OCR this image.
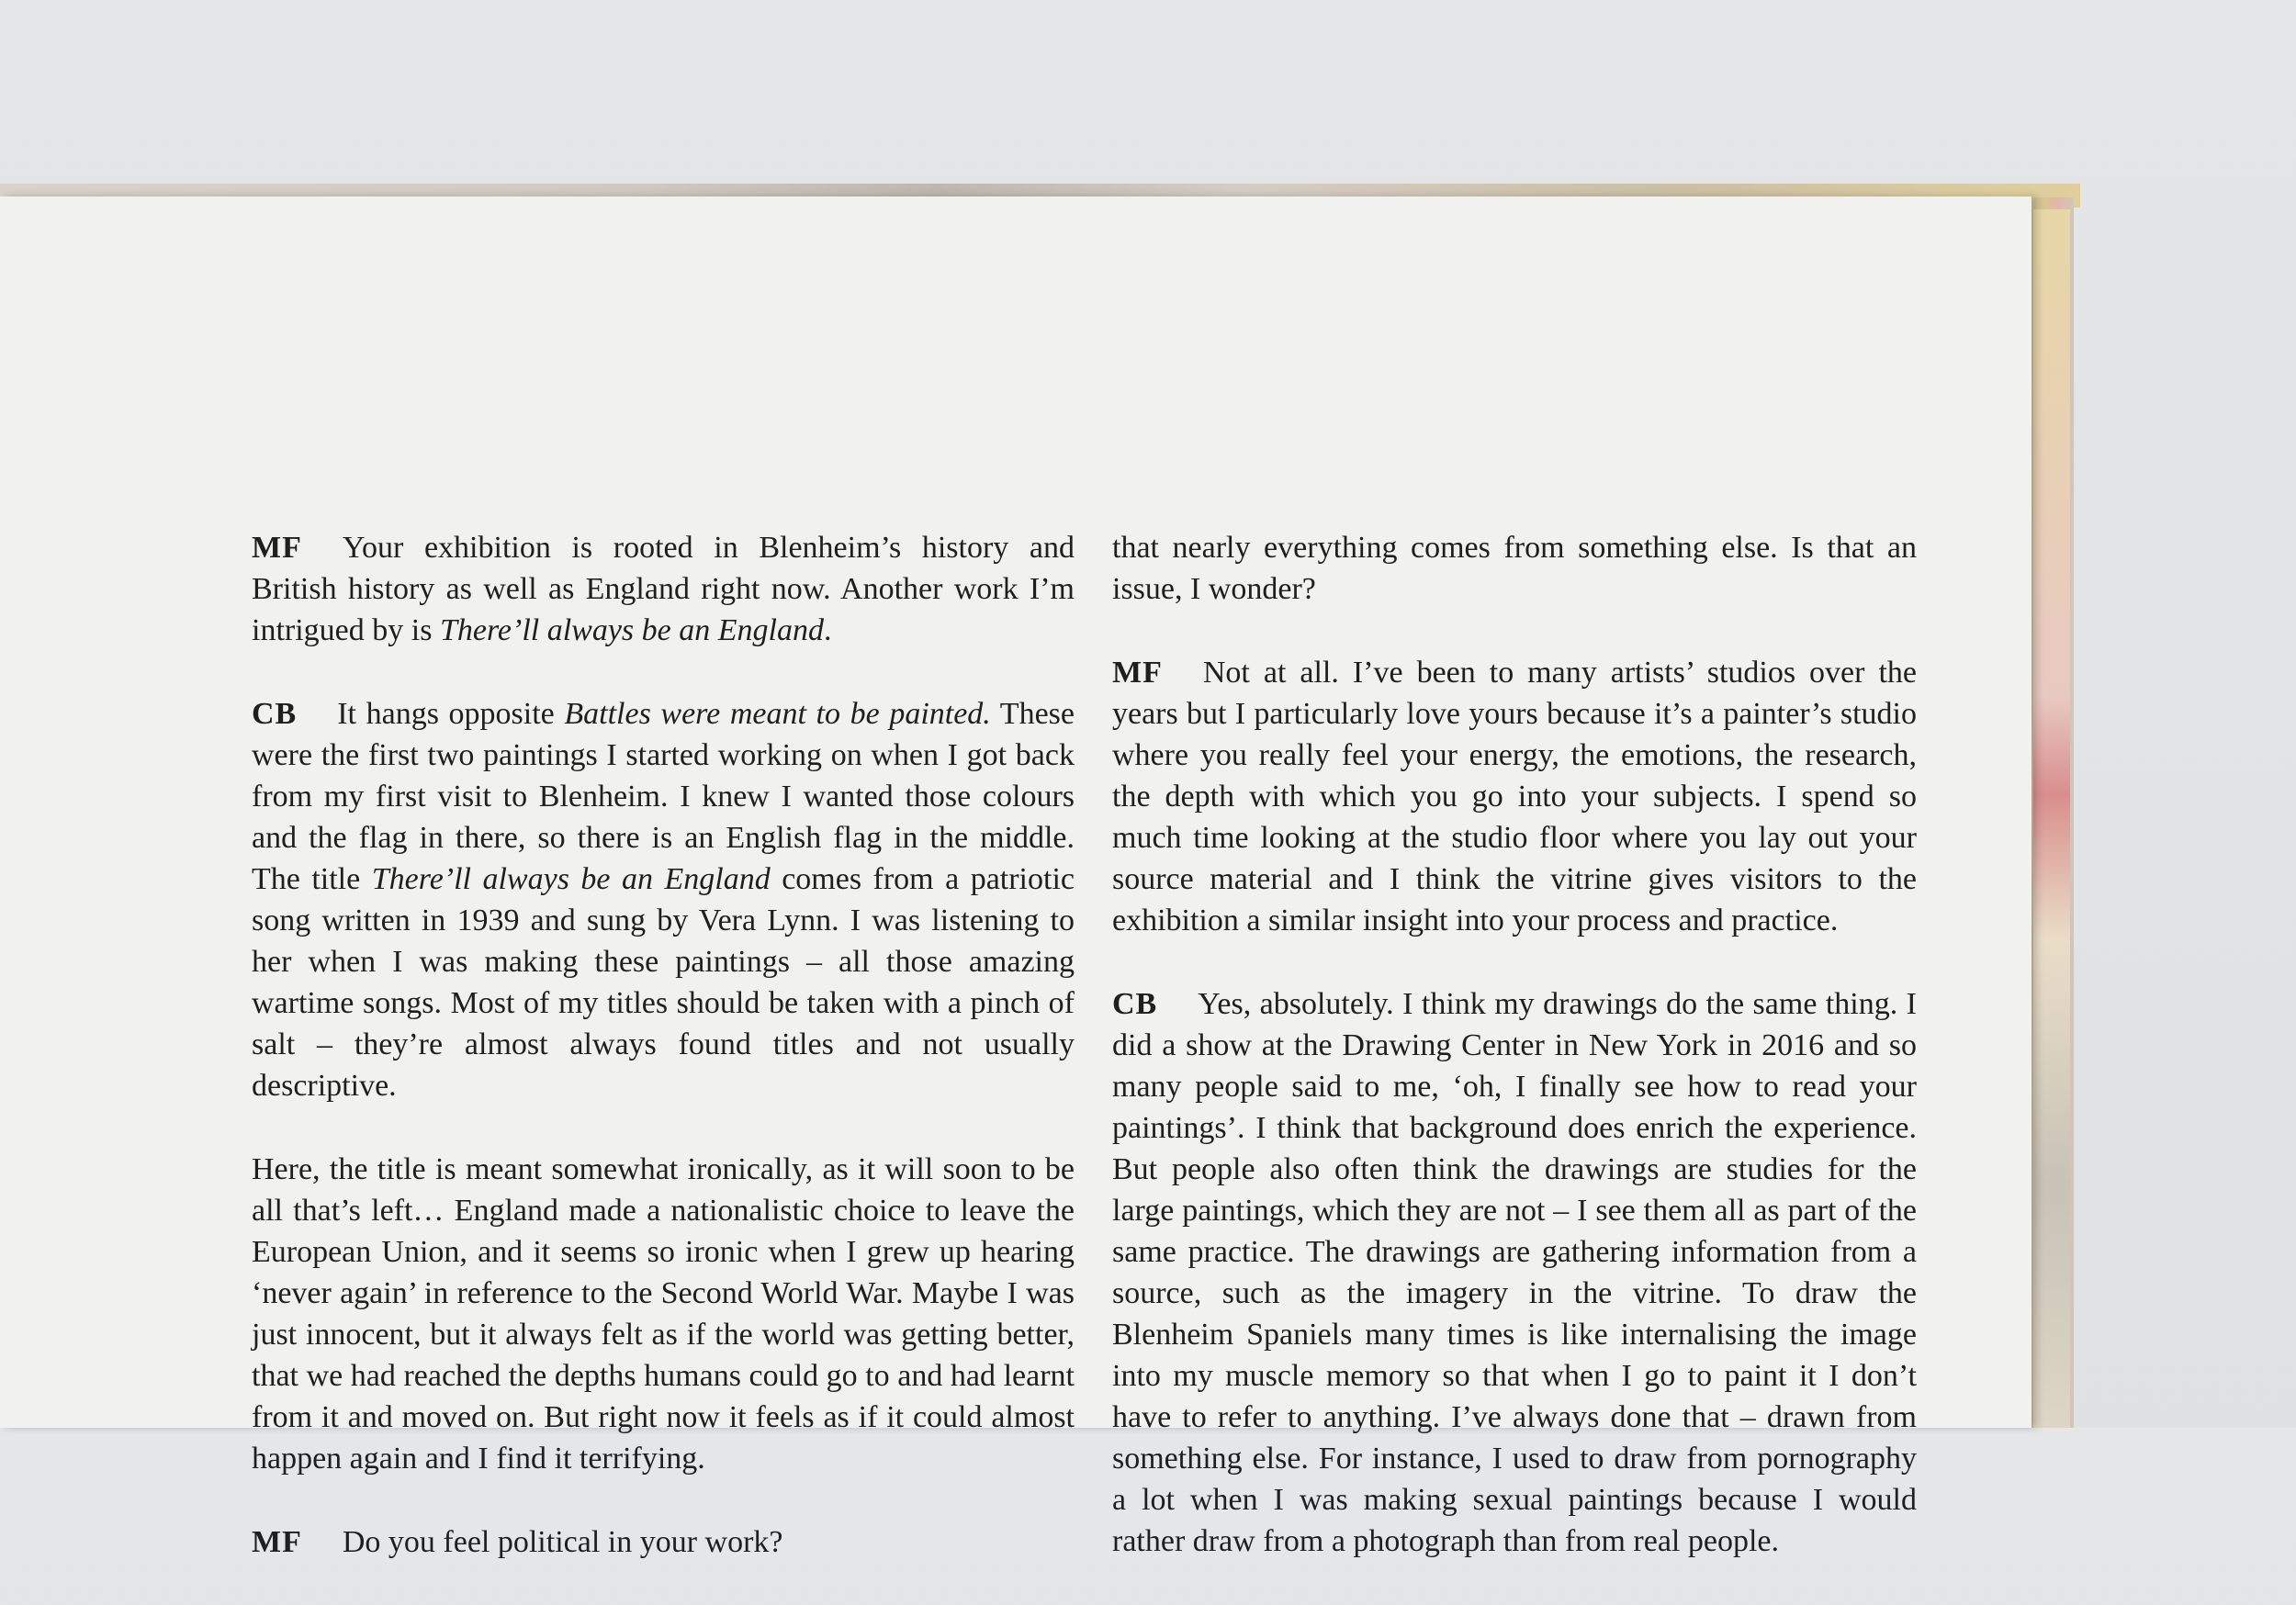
MF Your exhibition is rooted in Blenheim’s history and British history as well as England right now. Another work I’m intrigued by is There’ll always be an England.

CB It hangs opposite Battles were meant to be painted. These were the first two paintings I started working on when I got back from my first visit to Blenheim. I knew I wanted those colours and the flag in there, so there is an English flag in the middle. The title There’ll always be an England comes from a patriotic song written in 1939 and sung by Vera Lynn. I was listening to her when I was making these paintings – all those amazing wartime songs. Most of my titles should be taken with a pinch of salt – they’re almost always found titles and not usually descriptive.

Here, the title is meant somewhat ironically, as it will soon to be all that’s left… England made a nationalistic choice to leave the European Union, and it seems so ironic when I grew up hearing ‘never again’ in reference to the Second World War. Maybe I was just innocent, but it always felt as if the world was getting better, that we had reached the depths humans could go to and had learnt from it and moved on. But right now it feels as if it could almost happen again and I find it terrifying.

MF Do you feel political in your work?

that nearly everything comes from something else. Is that an issue, I wonder?

MF Not at all. I’ve been to many artists’ studios over the years but I particularly love yours because it’s a painter’s studio where you really feel your energy, the emotions, the research, the depth with which you go into your subjects. I spend so much time looking at the studio floor where you lay out your source material and I think the vitrine gives visitors to the exhibition a similar insight into your process and practice.

CB Yes, absolutely. I think my drawings do the same thing. I did a show at the Drawing Center in New York in 2016 and so many people said to me, ‘oh, I finally see how to read your paintings’. I think that background does enrich the experience. But people also often think the drawings are studies for the large paintings, which they are not – I see them all as part of the same practice. The drawings are gathering information from a source, such as the imagery in the vitrine. To draw the Blenheim Spaniels many times is like internalising the image into my muscle memory so that when I go to paint it I don’t have to refer to anything. I’ve always done that – drawn from something else. For instance, I used to draw from pornography a lot when I was making sexual paintings because I would rather draw from a photograph than from real people.
